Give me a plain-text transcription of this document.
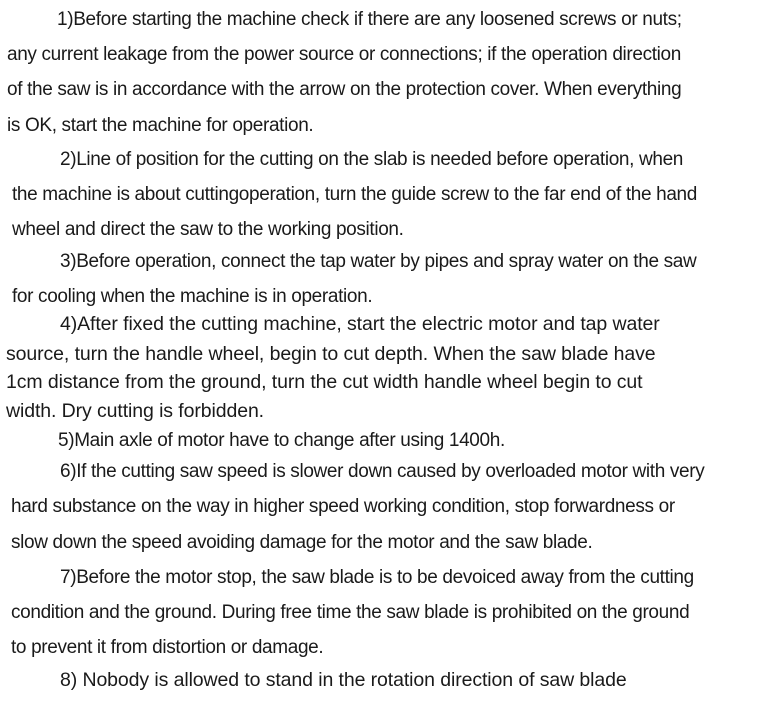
1)Before starting the machine check if there are any loosened screws or nuts;
any current leakage from the power source or connections; if the operation direction
of the saw is in accordance with the arrow on the protection cover. When everything
is OK, start the machine for operation.
2)Line of position for the cutting on the slab is needed before operation, when
the machine is about cuttingoperation, turn the guide screw to the far end of the hand
wheel and direct the saw to the working position.
3)Before operation, connect the tap water by pipes and spray water on the saw
for cooling when the machine is in operation.
4)After fixed the cutting machine, start the electric motor and tap water
source, turn the handle wheel, begin to cut depth. When the saw blade have
1cm distance from the ground, turn the cut width handle wheel begin to cut
width. Dry cutting is forbidden.
5)Main axle of motor have to change after using 1400h.
6)If the cutting saw speed is slower down caused by overloaded motor with very
hard substance on the way in higher speed working condition, stop forwardness or
slow down the speed avoiding damage for the motor and the saw blade.
7)Before the motor stop, the saw blade is to be devoiced away from the cutting
condition and the ground. During free time the saw blade is prohibited on the ground
to prevent it from distortion or damage.
8) Nobody is allowed to stand in the rotation direction of saw blade
